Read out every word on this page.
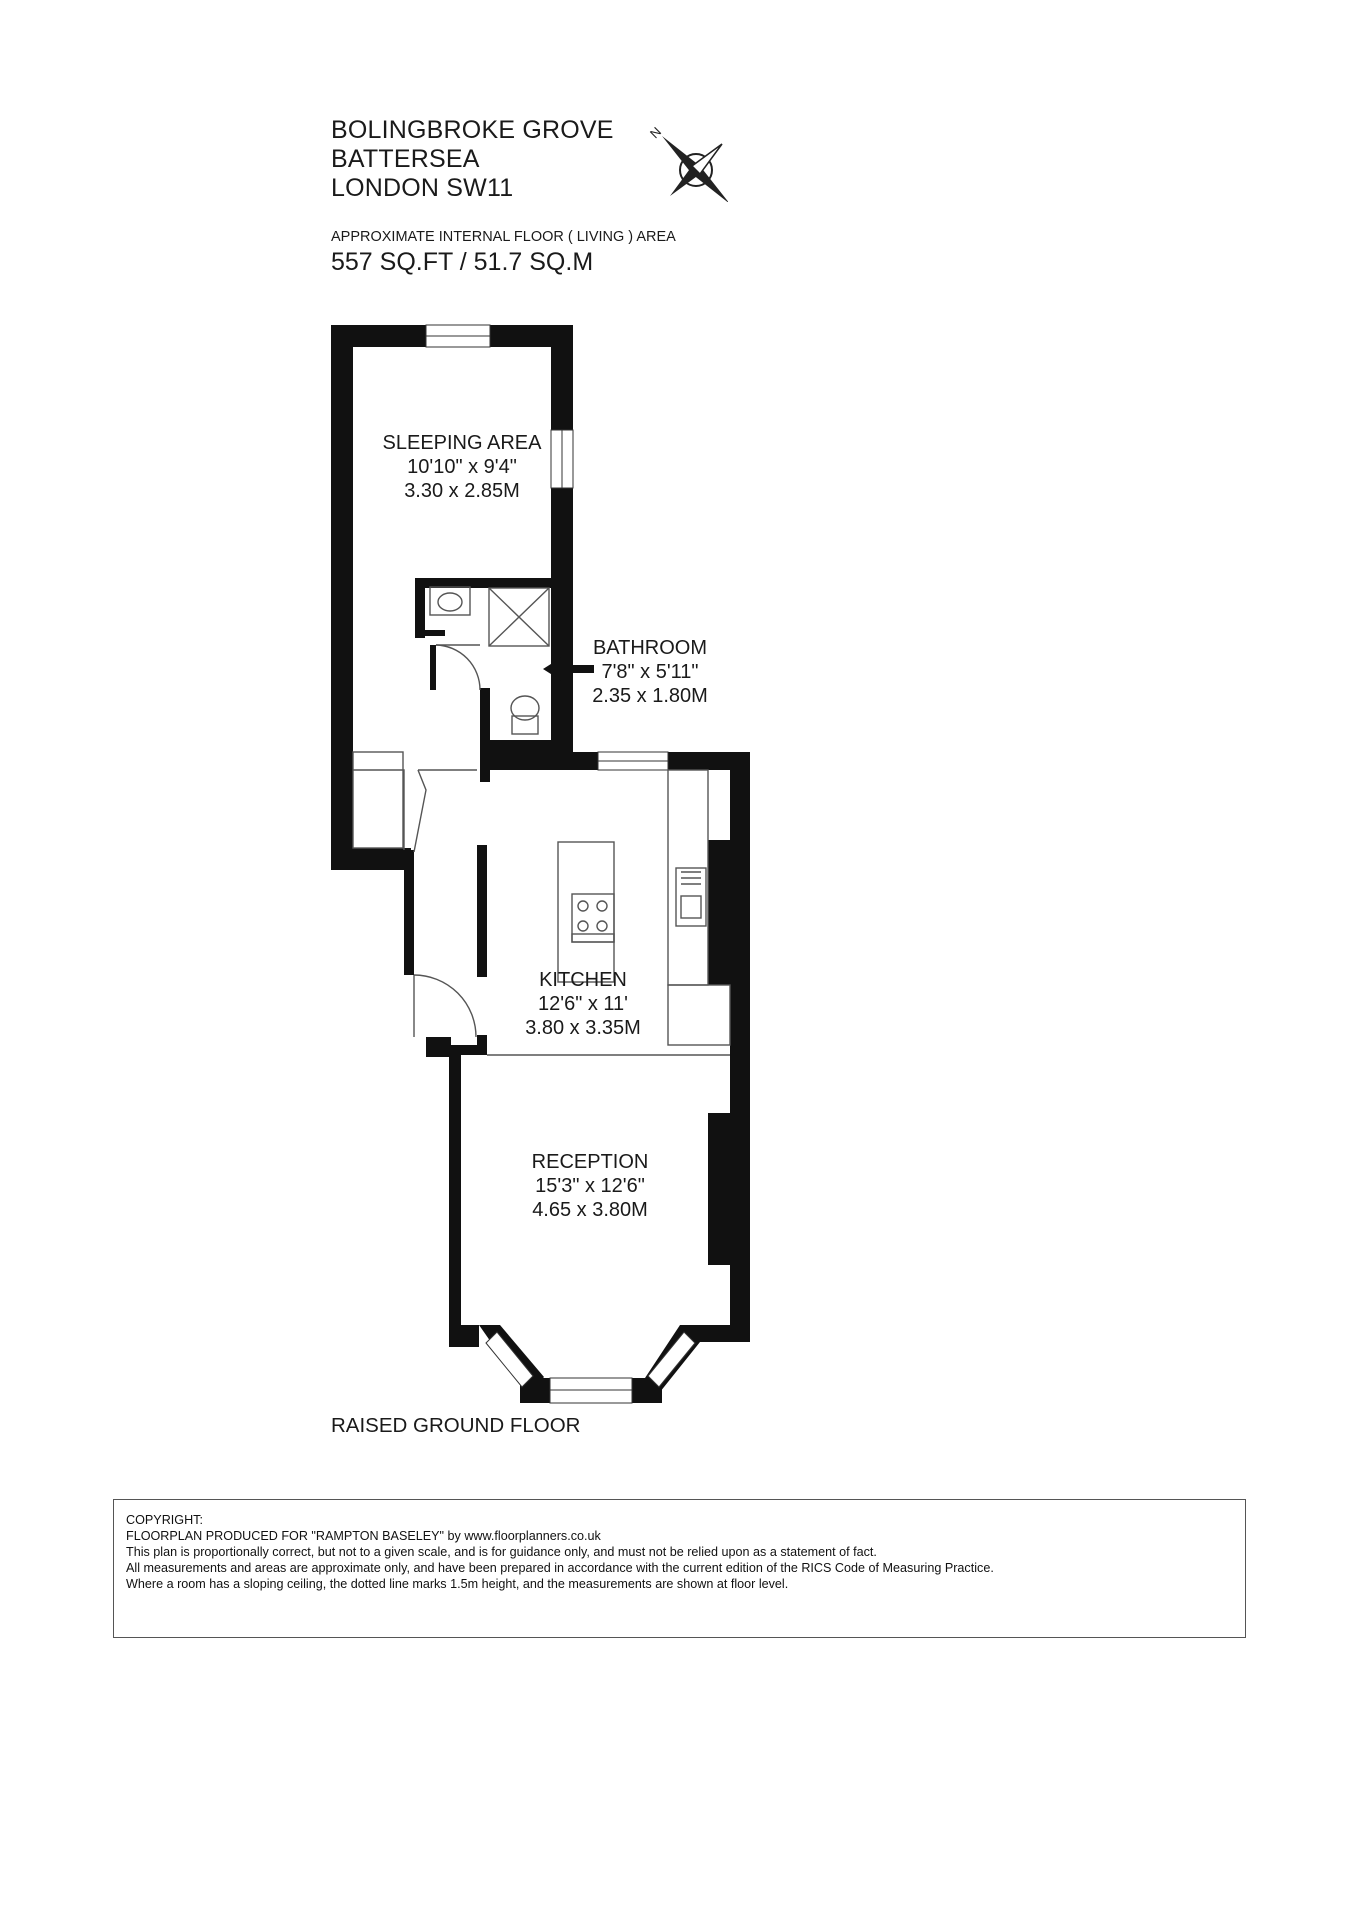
BOLINGBROKE GROVE
BATTERSEA
LONDON SW11
N
APPROXIMATE INTERNAL FLOOR ( LIVING ) AREA
557 SQ.FT / 51.7 SQ.M
SLEEPING AREA
10'10" x 9'4"
3.30 x 2.85M
BATHROOM
7'8" x 5'11"
2.35 x 1.80M
KITCHEN
12'6" x 11'
3.80 x 3.35M
RECEPTION
15'3" x 12'6"
4.65 x 3.80M
RAISED GROUND FLOOR
COPYRIGHT:
FLOORPLAN PRODUCED FOR "RAMPTON BASELEY" by www.floorplanners.co.uk
This plan is proportionally correct, but not to a given scale, and is for guidance only, and must not be relied upon as a statement of fact.
All measurements and areas are approximate only, and have been prepared in accordance with the current edition of the RICS Code of Measuring Practice.
Where a room has a sloping ceiling, the dotted line marks 1.5m height, and the measurements are shown at floor level.
